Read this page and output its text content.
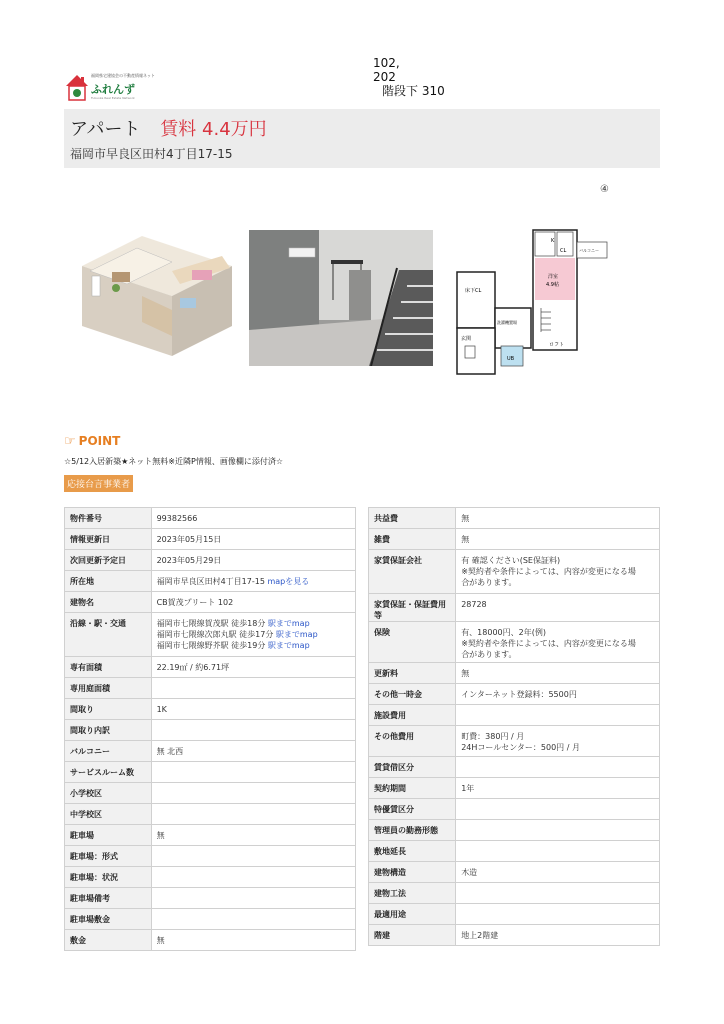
福岡県宅建協会の不動産情報ネット
ふれんず
Fukuoka Real Estate Network
102,
202
階段下 310
アパート 賃料 4.4万円
福岡市早良区田村4丁目17-15
④
K
CL	バルコニー
洋室
4.9帖
ロフト
床下CL
洗濯機置場
玄関
UB
☞ POINT
☆5/12入居新築★ネット無料※近隣P情報、画像欄に添付済☆
応接台言事業者
物件番号	99382566

情報更新日	2023年05月15日

次回更新予定日	2023年05月29日

所在地	福岡市早良区田村4丁目17-15 mapを見る

建物名	CB賀茂プリート 102

沿線・駅・交通	福岡市七隈線賀茂駅 徒歩18分 駅までmap
福岡市七隈線次郎丸駅 徒歩17分 駅までmap
福岡市七隈線野芥駅 徒歩19分 駅までmap

専有面積	22.19㎡ / 約6.71坪

専用庭面積	

間取り	1K

間取り内訳	

バルコニー	無 北西

サービスルーム数	

小学校区	

中学校区	

駐車場	無

駐車場：形式	

駐車場：状況	

駐車場備考	

駐車場敷金	

敷金	無
共益費	無

雑費	無

家賃保証会社	有 確認ください(SE保証料)
※契約者や条件によっては、内容が変更になる場
合があります。

家賃保証・保証費用等	28728

保険	有、18000円、2年(例)
※契約者や条件によっては、内容が変更になる場
合があります。

更新料	無

その他一時金	インターネット登録料：5500円

施設費用	

その他費用	町費：380円 / 月
24Hコールセンター：500円 / 月

賃貸借区分	

契約期間	1年

特優賃区分	

管理員の勤務形態	

敷地延長	

建物構造	木造

建物工法	

最適用途	

階建	地上2階建
